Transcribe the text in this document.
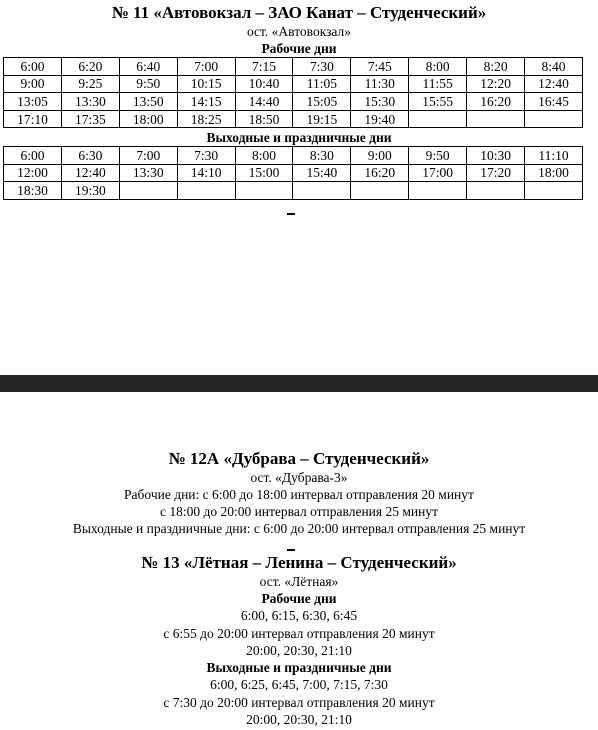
№ 11 «Автовокзал – ЗАО Канат – Студенческий»
ост. «Автовокзал»
Рабочие дни
6:00	6:20	6:40	7:00	7:15	7:30	7:45	8:00	8:20	8:40
9:00	9:25	9:50	10:15	10:40	11:05	11:30	11:55	12:20	12:40
13:05	13:30	13:50	14:15	14:40	15:05	15:30	15:55	16:20	16:45
17:10	17:35	18:00	18:25	18:50	19:15	19:40			
Выходные и праздничные дни
6:00	6:30	7:00	7:30	8:00	8:30	9:00	9:50	10:30	11:10
12:00	12:40	13:30	14:10	15:00	15:40	16:20	17:00	17:20	18:00
18:30	19:30								
№ 12А «Дубрава – Студенческий»
ост. «Дубрава-3»
Рабочие дни: с 6:00 до 18:00 интервал отправления 20 минут
с 18:00 до 20:00 интервал отправления 25 минут
Выходные и праздничные дни: с 6:00 до 20:00 интервал отправления 25 минут
№ 13 «Лётная – Ленина – Студенческий»
ост. «Лётная»
Рабочие дни
6:00, 6:15, 6:30, 6:45
с 6:55 до 20:00 интервал отправления 20 минут
20:00, 20:30, 21:10
Выходные и праздничные дни
6:00, 6:25, 6:45, 7:00, 7:15, 7:30
с 7:30 до 20:00 интервал отправления 20 минут
20:00, 20:30, 21:10
